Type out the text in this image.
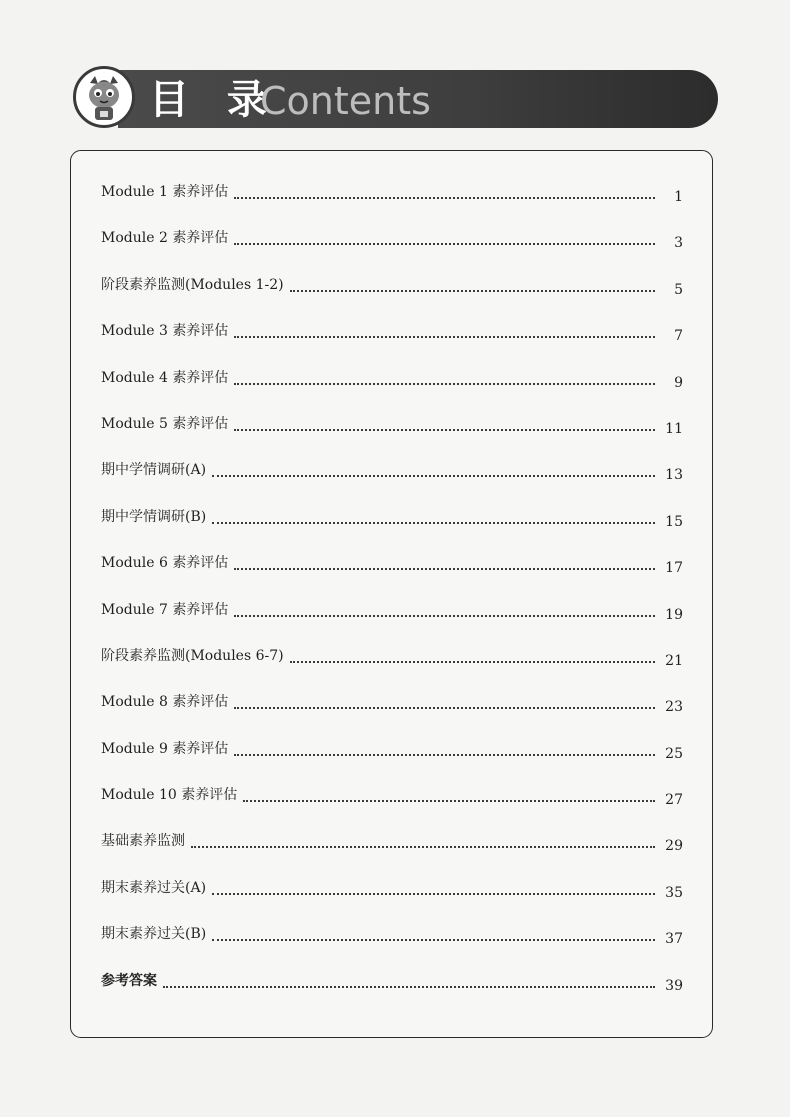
目 录
Contents
Module 1 素养评估	1
Module 2 素养评估	3
阶段素养监测(Modules 1-2)	5
Module 3 素养评估	7
Module 4 素养评估	9
Module 5 素养评估	11
期中学情调研(A)	13
期中学情调研(B)	15
Module 6 素养评估	17
Module 7 素养评估	19
阶段素养监测(Modules 6-7)	21
Module 8 素养评估	23
Module 9 素养评估	25
Module 10 素养评估	27
基础素养监测	29
期末素养过关(A)	35
期末素养过关(B)	37
参考答案	39
